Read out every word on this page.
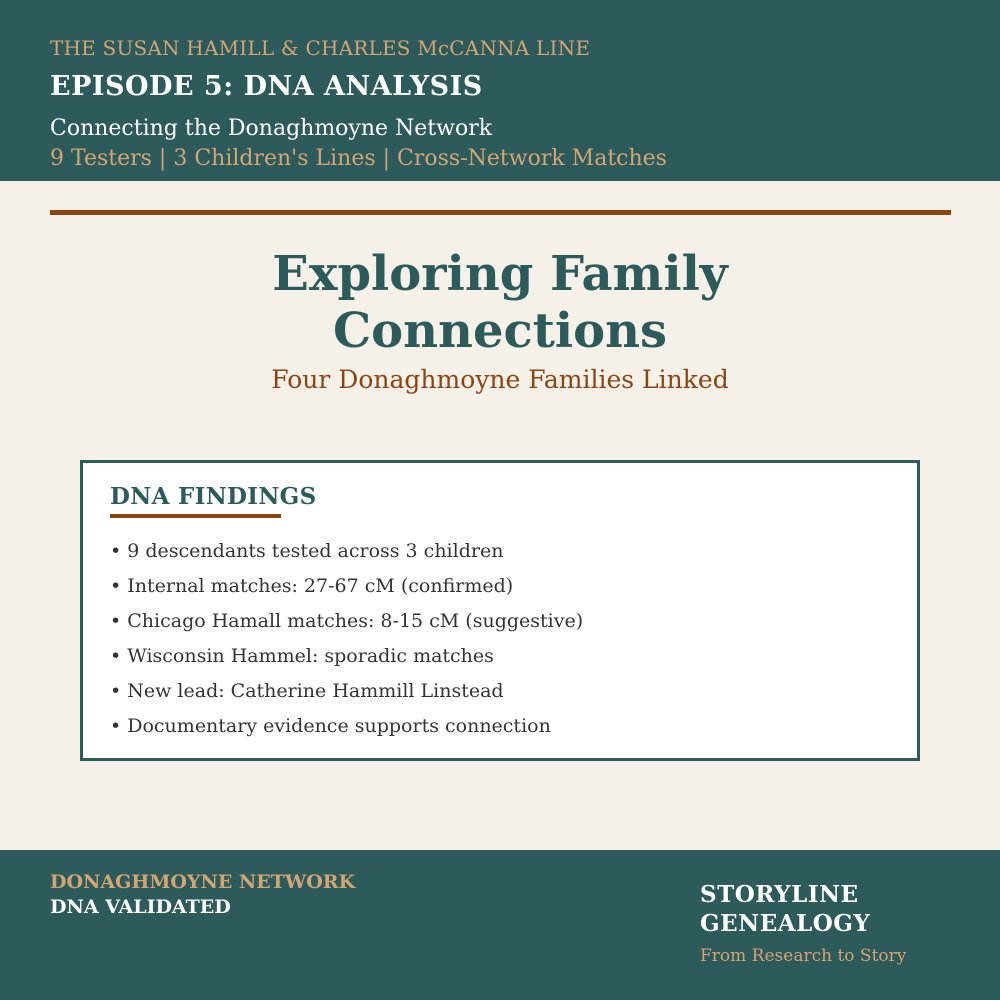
THE SUSAN HAMILL & CHARLES McCANNA LINE
EPISODE 5: DNA ANALYSIS
Connecting the Donaghmoyne Network
9 Testers | 3 Children's Lines | Cross-Network Matches
Exploring Family
Connections
Four Donaghmoyne Families Linked
DNA FINDINGS
• 9 descendants tested across 3 children
• Internal matches: 27-67 cM (confirmed)
• Chicago Hamall matches: 8-15 cM (suggestive)
• Wisconsin Hammel: sporadic matches
• New lead: Catherine Hammill Linstead
• Documentary evidence supports connection
DONAGHMOYNE NETWORK
DNA VALIDATED	STORYLINE
GENEALOGY
From Research to Story
